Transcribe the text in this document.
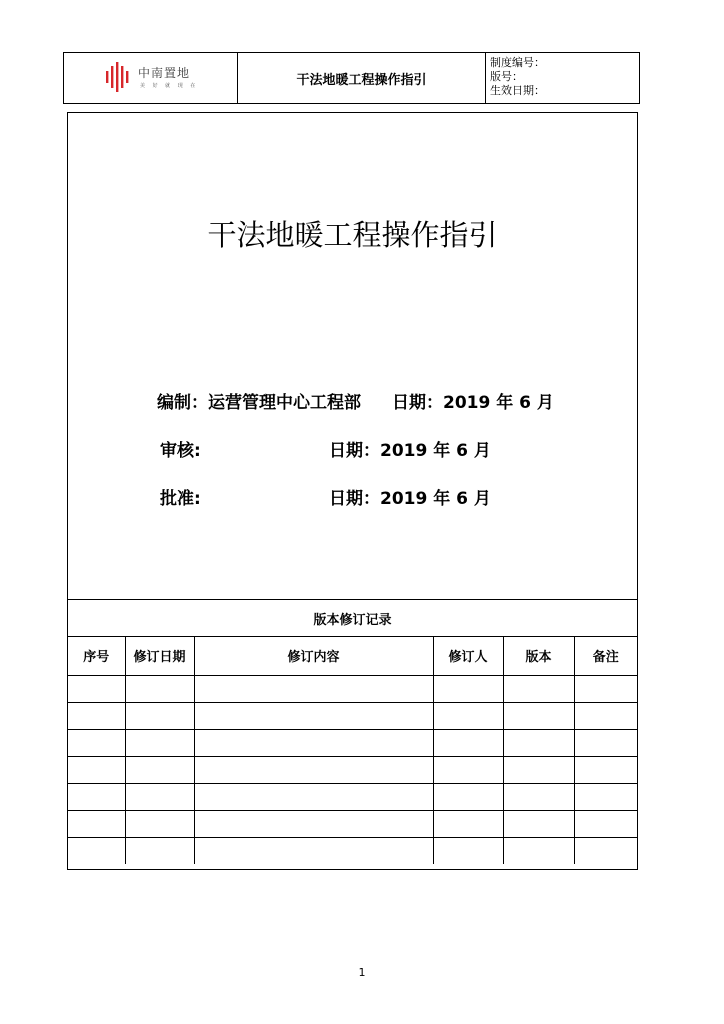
中南置地
美 好 就 现 在	干法地暖工程操作指引
制度编号：
版号：
生效日期：
干法地暖工程操作指引
编制：运营管理中心工程部 日期：2019 年 6 月
审核:	日期：2019 年 6 月
批准:	日期：2019 年 6 月
版本修订记录
序号	修订日期	修订内容	修订人	版本	备注

1
